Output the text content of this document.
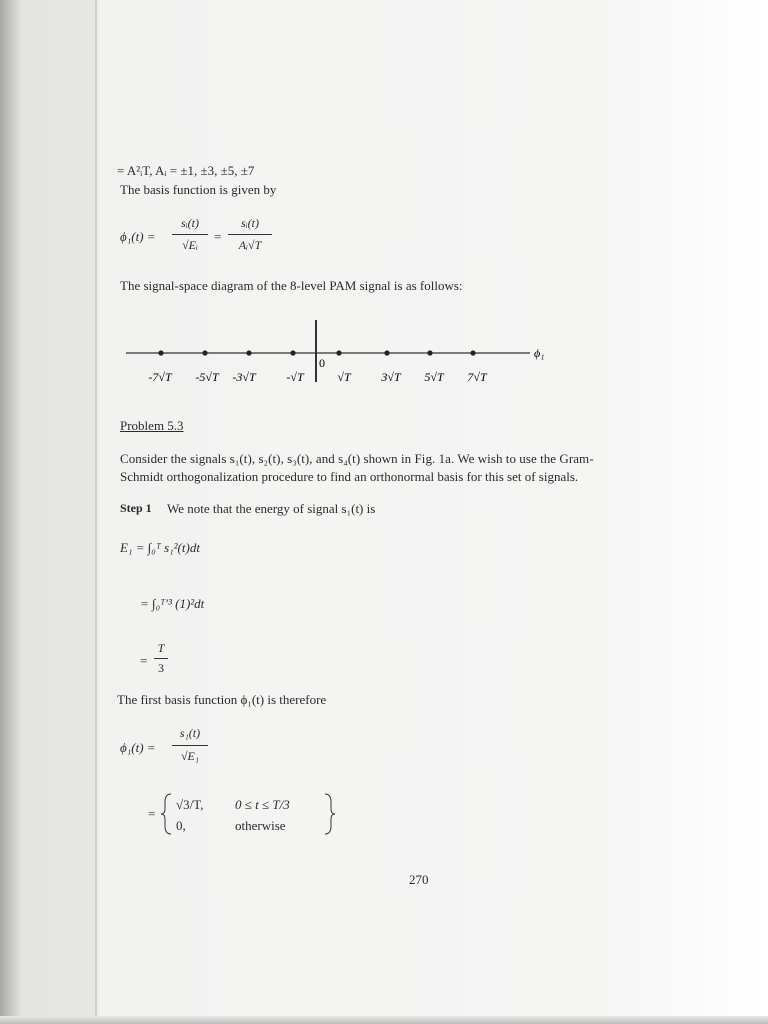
= A²ᵢT, Aᵢ = ±1, ±3, ±5, ±7
The basis function is given by
ϕ₁(t) =
sᵢ(t)
√Eᵢ
=
sᵢ(t)
Aᵢ√T
The signal-space diagram of the 8-level PAM signal is as follows:
-7√T -5√T -3√T	-√T	√T	3√T 5√T 7√T
ϕ₁
0
Problem 5.3
Consider the signals s₁(t), s₂(t), s₃(t), and s₄(t) shown in Fig. 1a. We wish to use the Gram-
Schmidt orthogonalization procedure to find an orthonormal basis for this set of signals.
Step 1 We note that the energy of signal s₁(t) is
E₁ = ∫₀ᵀ s₁²(t)dt
= ∫₀ᵀ′³ (1)²dt
=
T
3
The first basis function ϕ₁(t) is therefore
ϕ₁(t) =
s₁(t)
√E₁
=
√3/T, 0 ≤ t ≤ T/3
0,	otherwise
270
